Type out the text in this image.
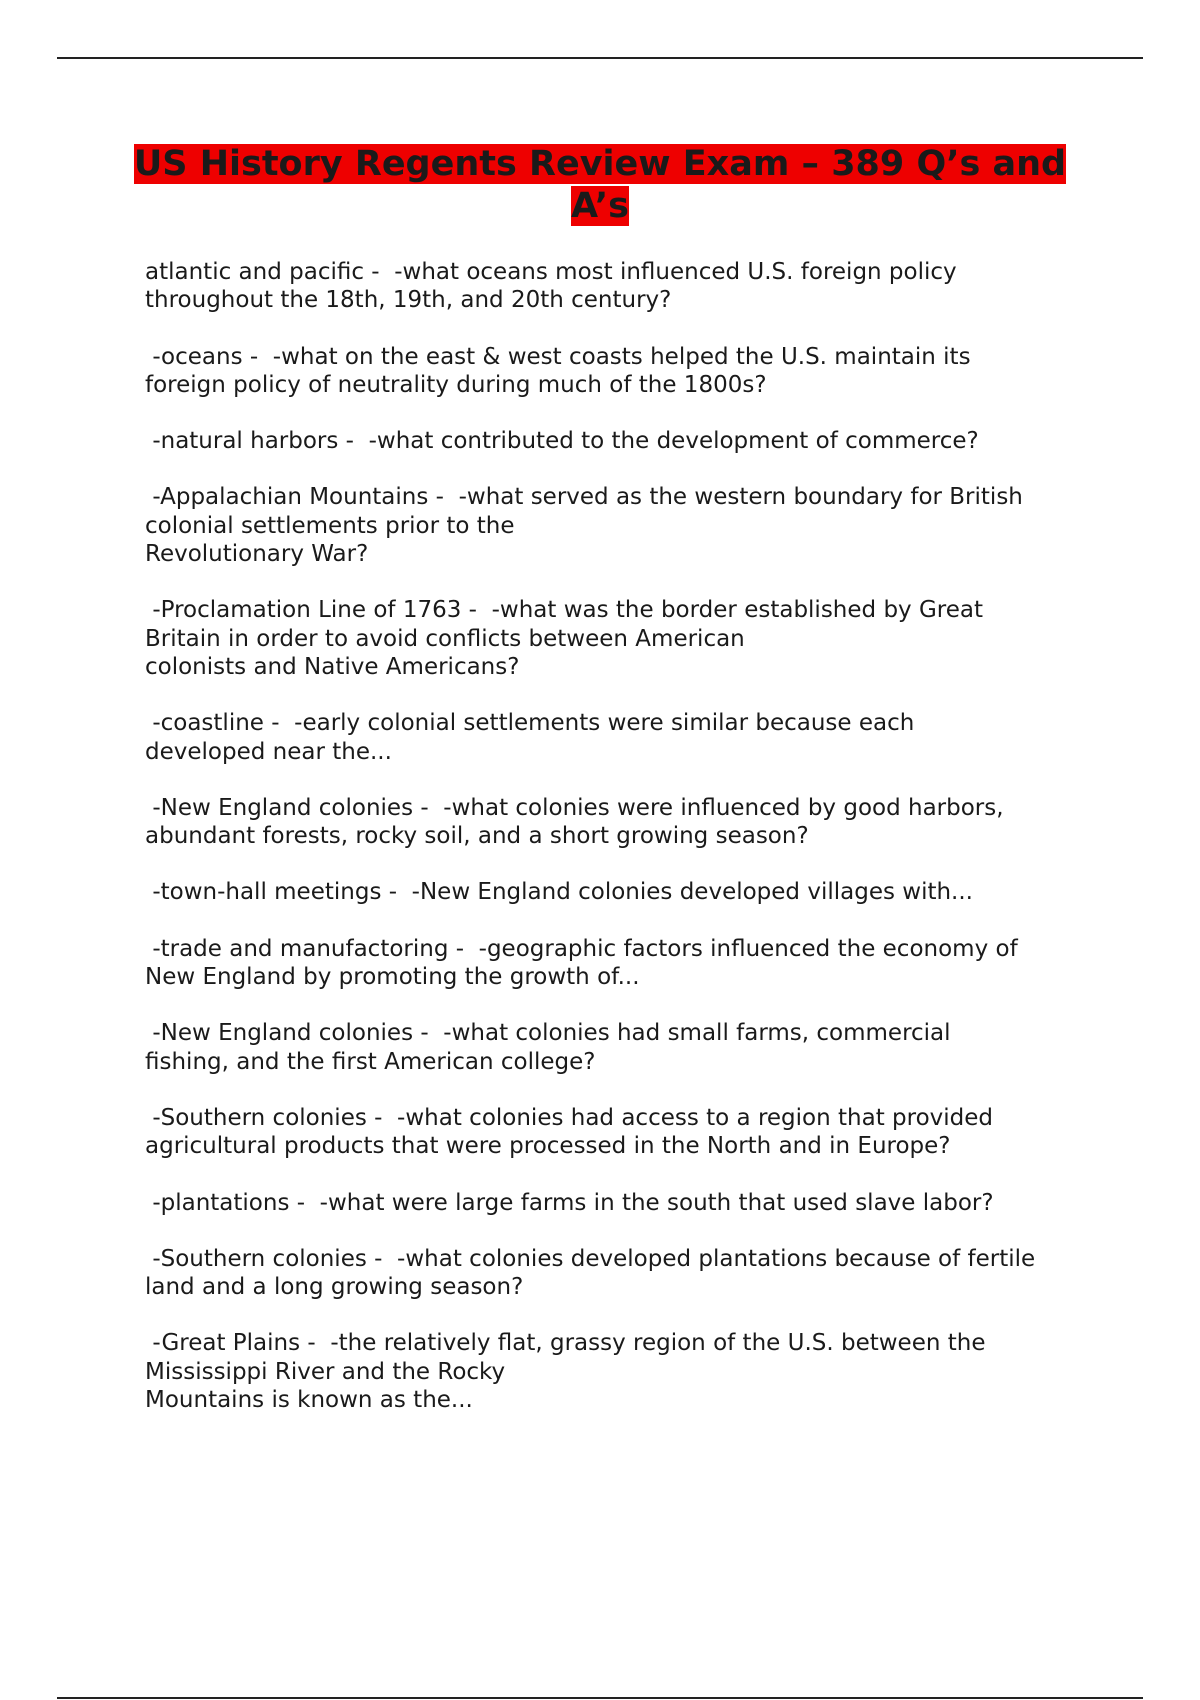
US History Regents Review Exam – 389 Q’s and A’s

atlantic and pacific -  -what oceans most influenced U.S. foreign policy
throughout the 18th, 19th, and 20th century?

-oceans -  -what on the east & west coasts helped the U.S. maintain its
foreign policy of neutrality during much of the 1800s?

-natural harbors -  -what contributed to the development of commerce?

-Appalachian Mountains -  -what served as the western boundary for British
colonial settlements prior to the
Revolutionary War?

-Proclamation Line of 1763 -  -what was the border established by Great
Britain in order to avoid conflicts between American
colonists and Native Americans?

-coastline -  -early colonial settlements were similar because each
developed near the...

-New England colonies -  -what colonies were influenced by good harbors,
abundant forests, rocky soil, and a short growing season?

-town-hall meetings -  -New England colonies developed villages with...

-trade and manufactoring -  -geographic factors influenced the economy of
New England by promoting the growth of...

-New England colonies -  -what colonies had small farms, commercial
fishing, and the first American college?

-Southern colonies -  -what colonies had access to a region that provided
agricultural products that were processed in the North and in Europe?

-plantations -  -what were large farms in the south that used slave labor?

-Southern colonies -  -what colonies developed plantations because of fertile
land and a long growing season?

-Great Plains -  -the relatively flat, grassy region of the U.S. between the
Mississippi River and the Rocky
Mountains is known as the...
